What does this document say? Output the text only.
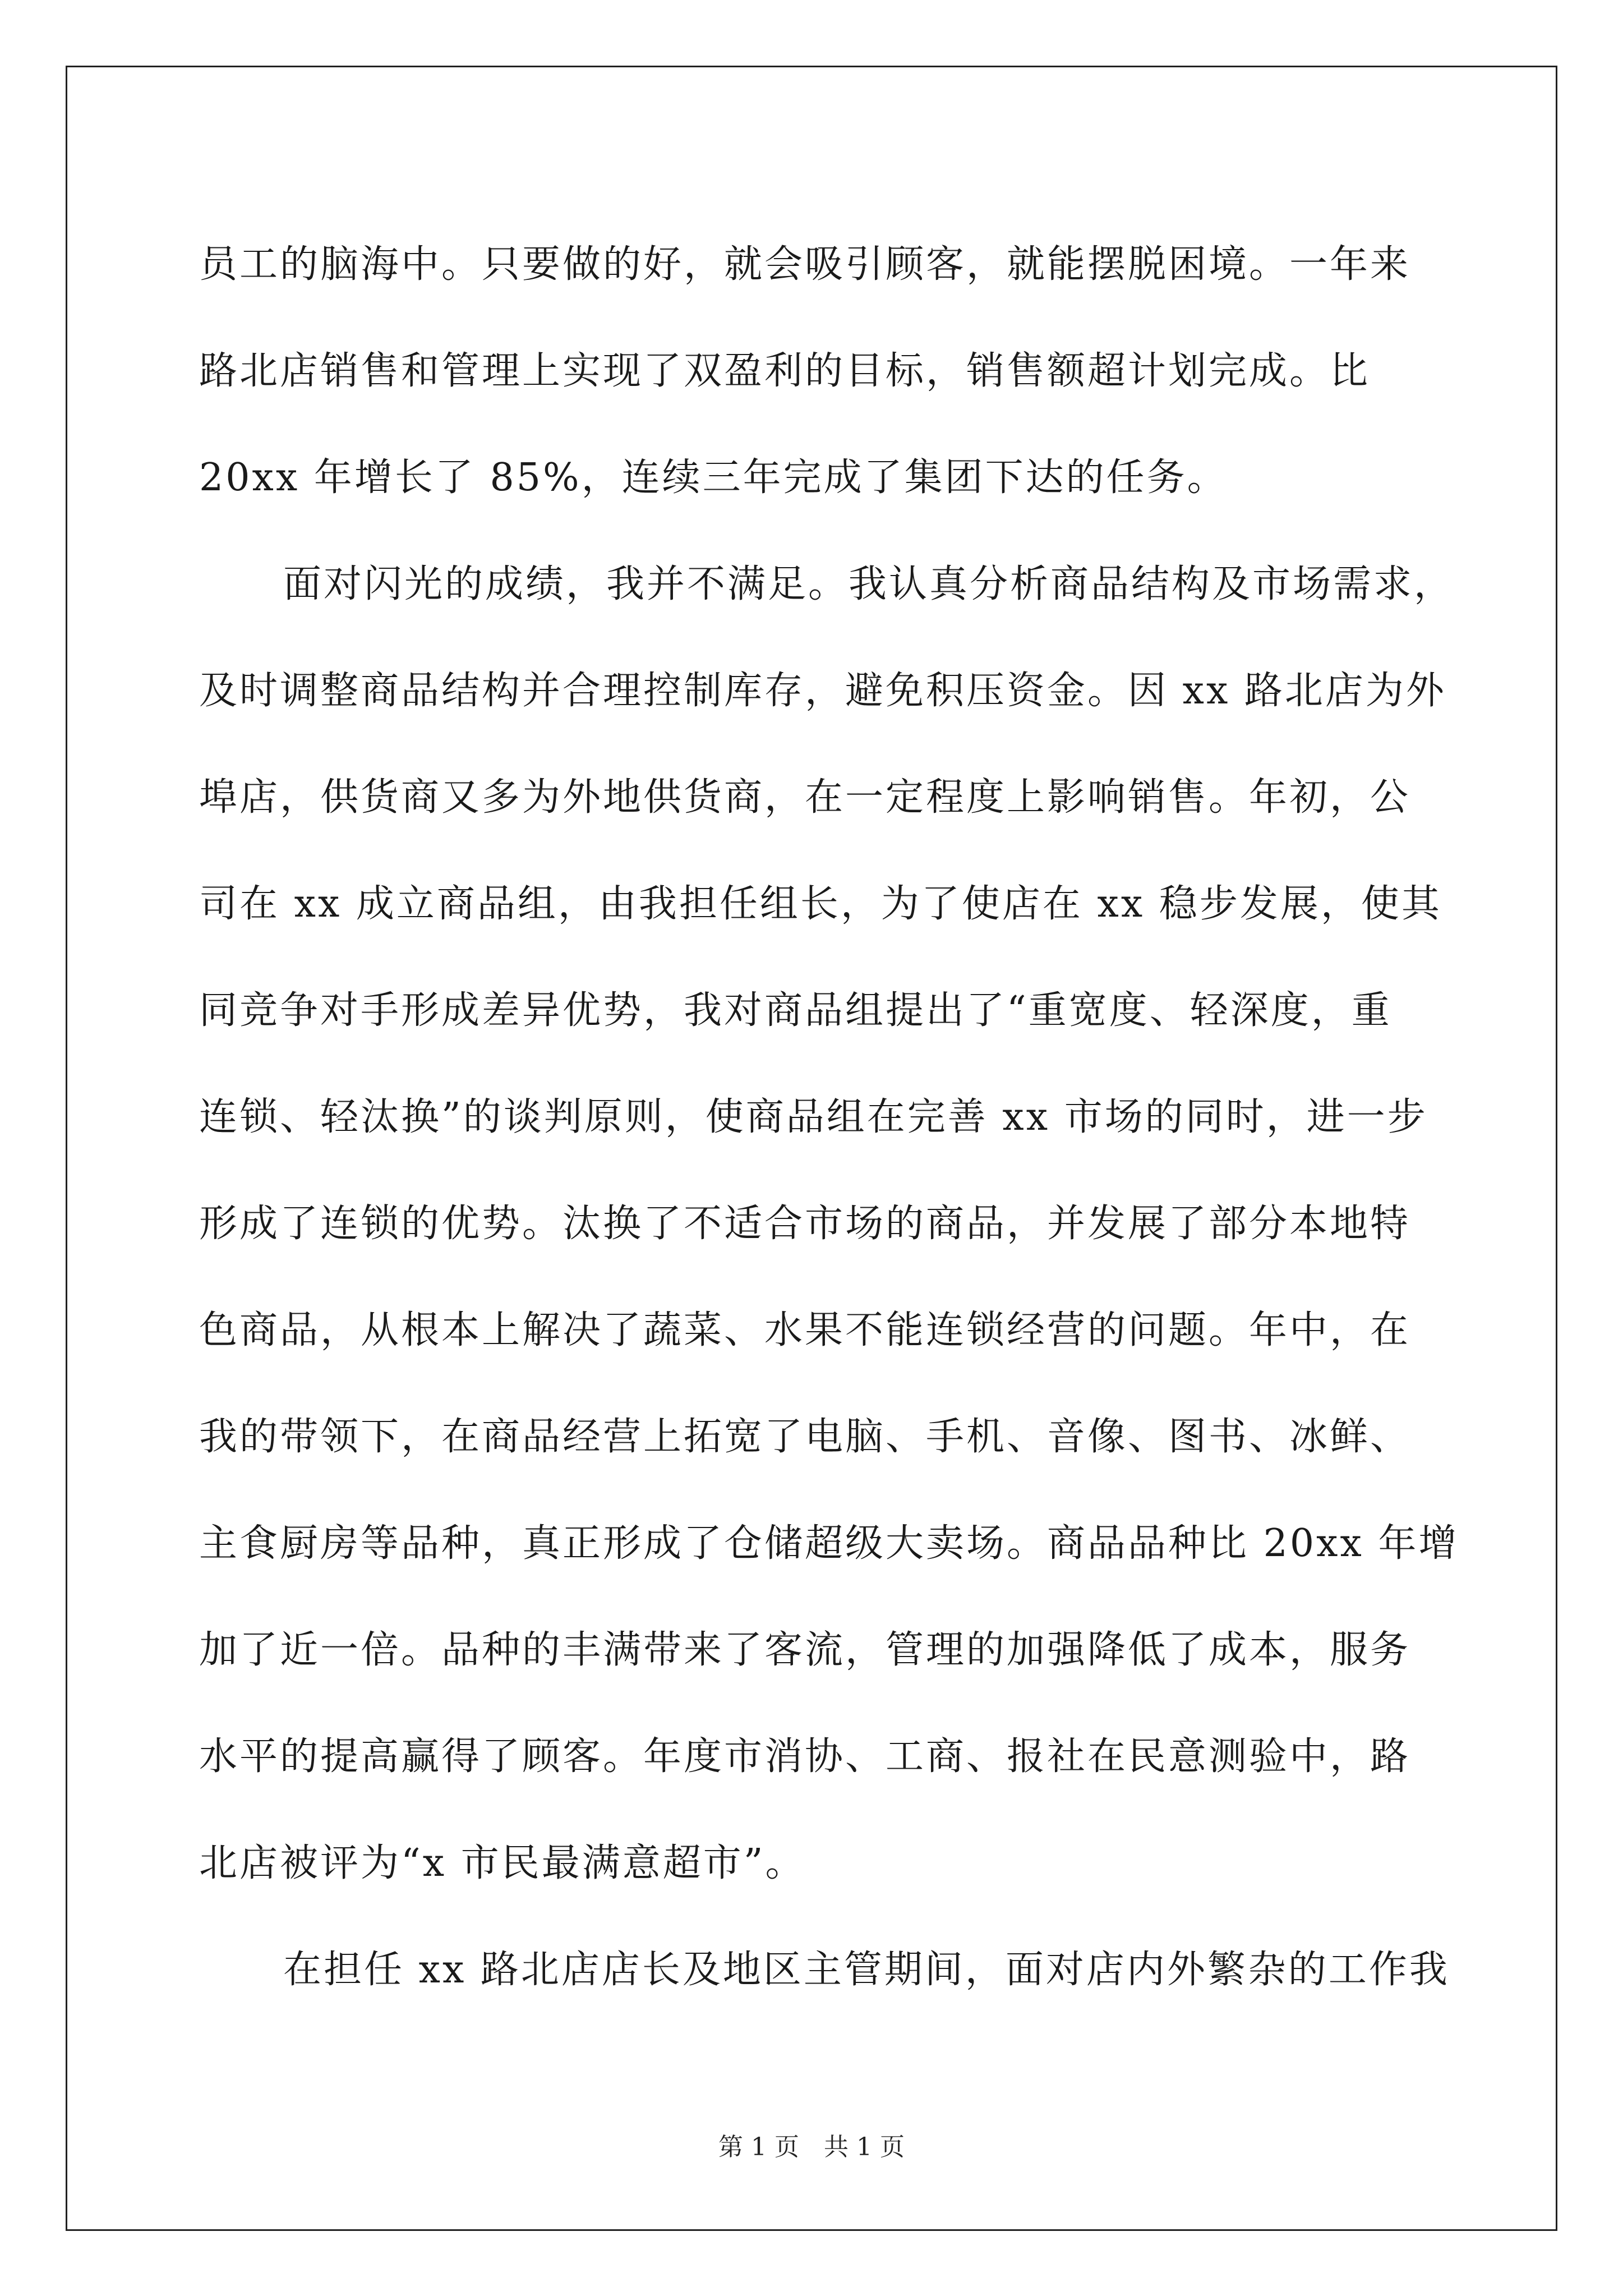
员工的脑海中。只要做的好，就会吸引顾客，就能摆脱困境。一年来
路北店销售和管理上实现了双盈利的目标，销售额超计划完成。比
20xx 年增长了 85%，连续三年完成了集团下达的任务。
面对闪光的成绩，我并不满足。我认真分析商品结构及市场需求，
及时调整商品结构并合理控制库存，避免积压资金。因 xx 路北店为外
埠店，供货商又多为外地供货商，在一定程度上影响销售。年初，公
司在 xx 成立商品组，由我担任组长，为了使店在 xx 稳步发展，使其
同竞争对手形成差异优势，我对商品组提出了“重宽度、轻深度，重
连锁、轻汰换”的谈判原则，使商品组在完善 xx 市场的同时，进一步
形成了连锁的优势。汰换了不适合市场的商品，并发展了部分本地特
色商品，从根本上解决了蔬菜、水果不能连锁经营的问题。年中，在
我的带领下，在商品经营上拓宽了电脑、手机、音像、图书、冰鲜、
主食厨房等品种，真正形成了仓储超级大卖场。商品品种比 20xx 年增
加了近一倍。品种的丰满带来了客流，管理的加强降低了成本，服务
水平的提高赢得了顾客。年度市消协、工商、报社在民意测验中，路
北店被评为“x 市民最满意超市”。
在担任 xx 路北店店长及地区主管期间，面对店内外繁杂的工作我
第 1 页　共 1 页
